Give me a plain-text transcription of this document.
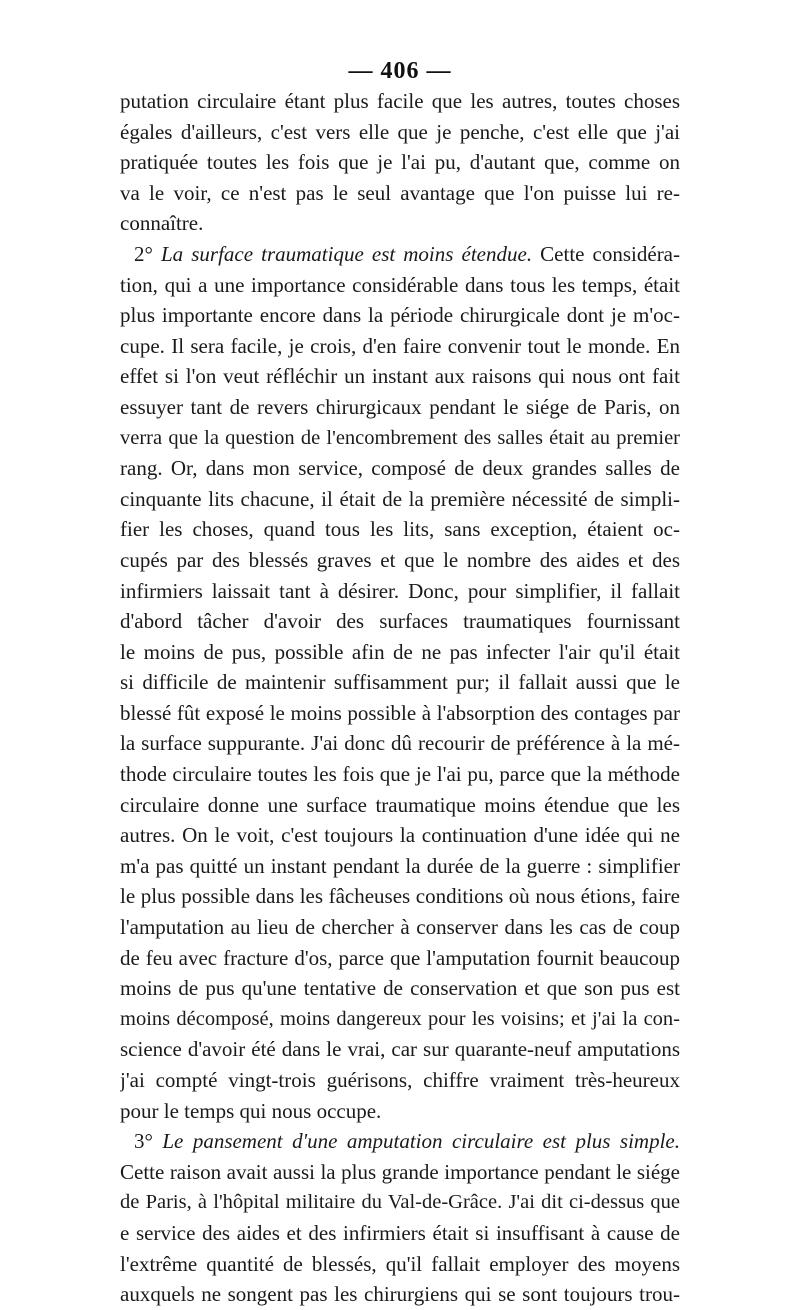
— 406 —
putation circulaire étant plus facile que les autres, toutes choses
égales d'ailleurs, c'est vers elle que je penche, c'est elle que j'ai
pratiquée toutes les fois que je l'ai pu, d'autant que, comme on
va le voir, ce n'est pas le seul avantage que l'on puisse lui re-
connaître.
2° La surface traumatique est moins étendue. Cette considéra-
tion, qui a une importance considérable dans tous les temps, était
plus importante encore dans la période chirurgicale dont je m'oc-
cupe. Il sera facile, je crois, d'en faire convenir tout le monde. En
effet si l'on veut réfléchir un instant aux raisons qui nous ont fait
essuyer tant de revers chirurgicaux pendant le siége de Paris, on
verra que la question de l'encombrement des salles était au premier
rang. Or, dans mon service, composé de deux grandes salles de
cinquante lits chacune, il était de la première nécessité de simpli-
fier les choses, quand tous les lits, sans exception, étaient oc-
cupés par des blessés graves et que le nombre des aides et des
infirmiers laissait tant à désirer. Donc, pour simplifier, il fallait
d'abord tâcher d'avoir des surfaces traumatiques fournissant
le moins de pus, possible afin de ne pas infecter l'air qu'il était
si difficile de maintenir suffisamment pur; il fallait aussi que le
blessé fût exposé le moins possible à l'absorption des contages par
la surface suppurante. J'ai donc dû recourir de préférence à la mé-
thode circulaire toutes les fois que je l'ai pu, parce que la méthode
circulaire donne une surface traumatique moins étendue que les
autres. On le voit, c'est toujours la continuation d'une idée qui ne
m'a pas quitté un instant pendant la durée de la guerre : simplifier
le plus possible dans les fâcheuses conditions où nous étions, faire
l'amputation au lieu de chercher à conserver dans les cas de coup
de feu avec fracture d'os, parce que l'amputation fournit beaucoup
moins de pus qu'une tentative de conservation et que son pus est
moins décomposé, moins dangereux pour les voisins; et j'ai la con-
science d'avoir été dans le vrai, car sur quarante-neuf amputations
j'ai compté vingt-trois guérisons, chiffre vraiment très-heureux
pour le temps qui nous occupe.
3° Le pansement d'une amputation circulaire est plus simple.
Cette raison avait aussi la plus grande importance pendant le siége
de Paris, à l'hôpital militaire du Val-de-Grâce. J'ai dit ci-dessus que
e service des aides et des infirmiers était si insuffisant à cause de
l'extrême quantité de blessés, qu'il fallait employer des moyens
auxquels ne songent pas les chirurgiens qui se sont toujours trou-
